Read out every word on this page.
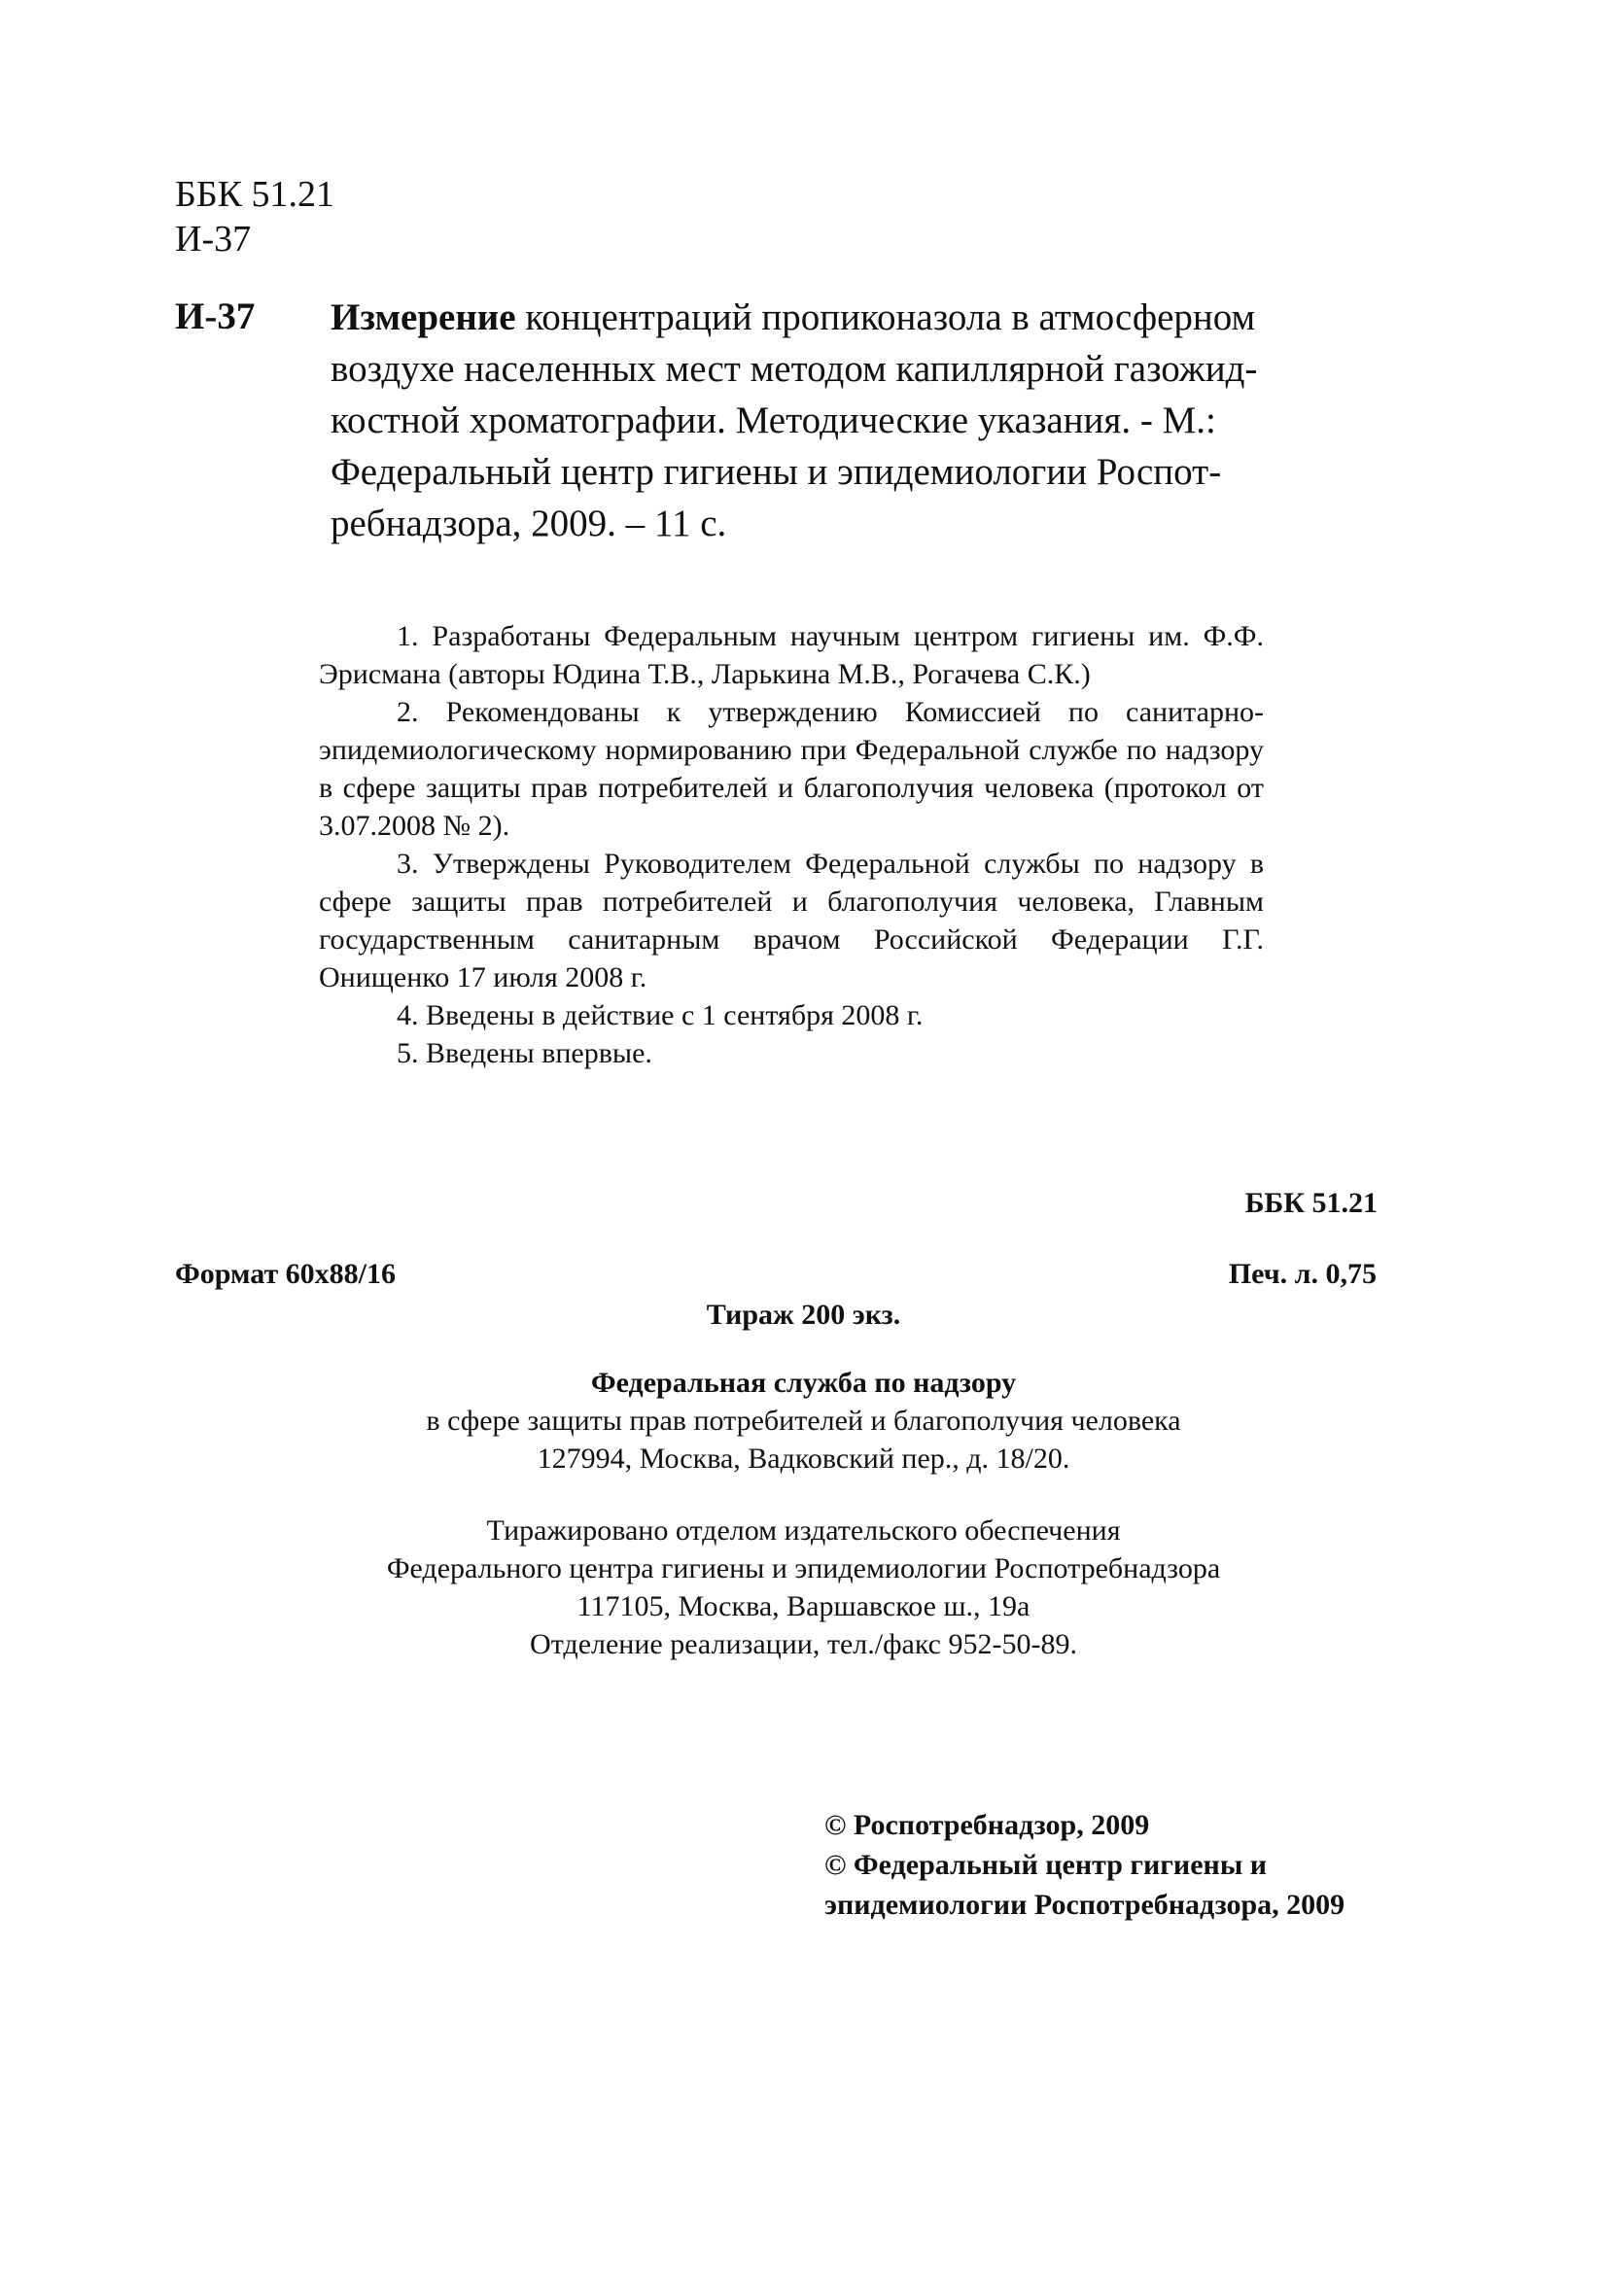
ББК 51.21
И-37
И-37 Измерение концентраций пропиконазола в атмосферном
воздухе населенных мест методом капиллярной газожид-
костной хроматографии. Методические указания. - М.:
Федеральный центр гигиены и эпидемиологии Роспот-
ребнадзора, 2009. – 11 с.

1. Разработаны Федеральным научным центром гигиены им. Ф.Ф. Эрисмана (авторы Юдина Т.В., Ларькина М.В., Рогачева С.К.)

2. Рекомендованы к утверждению Комиссией по санитарно-эпидемиологическому нормированию при Федеральной службе по надзору в сфере защиты прав потребителей и благополучия человека (протокол от 3.07.2008 № 2).

3. Утверждены Руководителем Федеральной службы по надзору в сфере защиты прав потребителей и благополучия человека, Главным государственным санитарным врачом Российской Федерации Г.Г. Онищенко 17 июля 2008 г.

4. Введены в действие с 1 сентября 2008 г.

5. Введены впервые.

ББК 51.21
Формат 60х88/16	Печ. л. 0,75
Тираж 200 экз.
Федеральная служба по надзору
в сфере защиты прав потребителей и благополучия человека
127994, Москва, Вадковский пер., д. 18/20.
Тиражировано отделом издательского обеспечения
Федерального центра гигиены и эпидемиологии Роспотребнадзора
117105, Москва, Варшавское ш., 19а
Отделение реализации, тел./факс 952-50-89.
© Роспотребнадзор, 2009
© Федеральный центр гигиены и
эпидемиологии Роспотребнадзора, 2009
